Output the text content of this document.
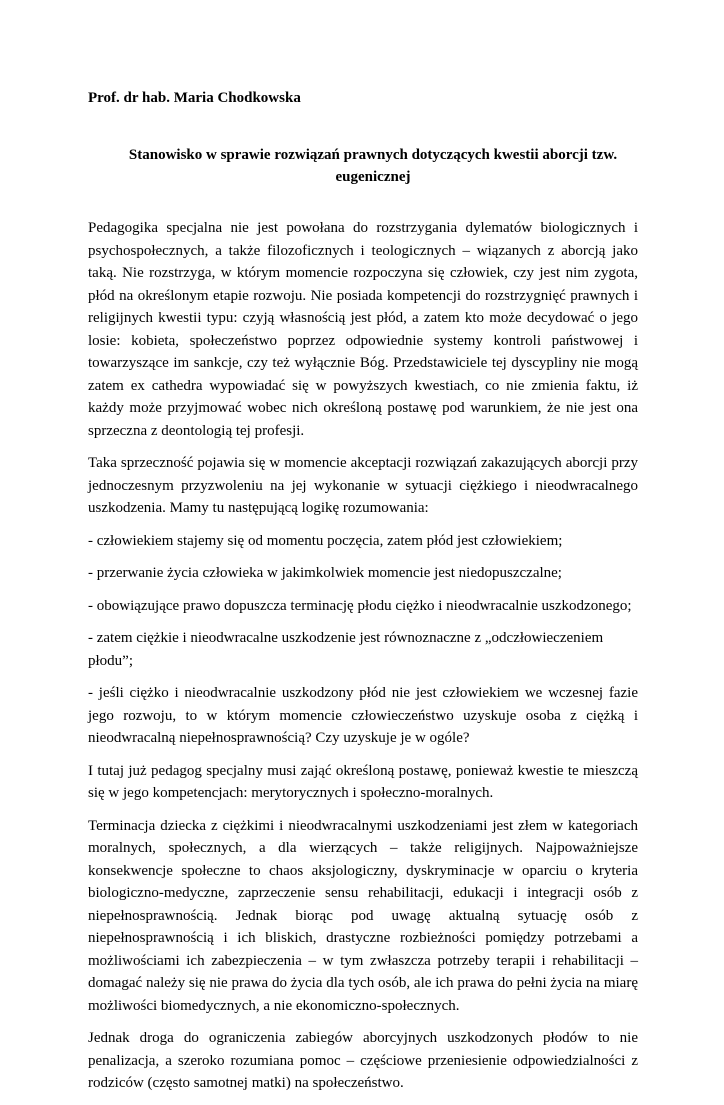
Prof. dr hab. Maria Chodkowska

Stanowisko w sprawie rozwiązań prawnych dotyczących kwestii aborcji tzw. eugenicznej

Pedagogika specjalna nie jest powołana do rozstrzygania dylematów biologicznych i psychospołecznych, a także filozoficznych i teologicznych – wiązanych z aborcją jako taką. Nie rozstrzyga, w którym momencie rozpoczyna się człowiek, czy jest nim zygota, płód na określonym etapie rozwoju. Nie posiada kompetencji do rozstrzygnięć prawnych i religijnych kwestii typu: czyją własnością jest płód, a zatem kto może decydować o jego losie: kobieta, społeczeństwo poprzez odpowiednie systemy kontroli państwowej i towarzyszące im sankcje, czy też wyłącznie Bóg. Przedstawiciele tej dyscypliny nie mogą zatem ex cathedra wypowiadać się w powyższych kwestiach, co nie zmienia faktu, iż każdy może przyjmować wobec nich określoną postawę pod warunkiem, że nie jest ona sprzeczna z deontologią tej profesji.

Taka sprzeczność pojawia się w momencie akceptacji rozwiązań zakazujących aborcji przy jednoczesnym przyzwoleniu na jej wykonanie w sytuacji ciężkiego i nieodwracalnego uszkodzenia. Mamy tu następującą logikę rozumowania:

- człowiekiem stajemy się od momentu poczęcia, zatem płód jest człowiekiem;

- przerwanie życia człowieka w jakimkolwiek momencie jest niedopuszczalne;

- obowiązujące prawo dopuszcza terminację płodu ciężko i nieodwracalnie uszkodzonego;

- zatem ciężkie i nieodwracalne uszkodzenie jest równoznaczne z „odczłowieczeniem płodu”;

- jeśli ciężko i nieodwracalnie uszkodzony płód nie jest człowiekiem we wczesnej fazie jego rozwoju, to w którym momencie człowieczeństwo uzyskuje osoba z ciężką i nieodwracalną niepełnosprawnością? Czy uzyskuje je w ogóle?

I tutaj już pedagog specjalny musi zająć określoną postawę, ponieważ kwestie te mieszczą się w jego kompetencjach: merytorycznych i społeczno-moralnych.

Terminacja dziecka z ciężkimi i nieodwracalnymi uszkodzeniami jest złem w kategoriach moralnych, społecznych, a dla wierzących – także religijnych. Najpoważniejsze konsekwencje społeczne to chaos aksjologiczny, dyskryminacje w oparciu o kryteria biologiczno-medyczne, zaprzeczenie sensu rehabilitacji, edukacji i integracji osób z niepełnosprawnością. Jednak biorąc pod uwagę aktualną sytuację osób z niepełnosprawnością i ich bliskich, drastyczne rozbieżności pomiędzy potrzebami a możliwościami ich zabezpieczenia – w tym zwłaszcza potrzeby terapii i rehabilitacji – domagać należy się nie prawa do życia dla tych osób, ale ich prawa do pełni życia na miarę możliwości biomedycznych, a nie ekonomiczno-społecznych.

Jednak droga do ograniczenia zabiegów aborcyjnych uszkodzonych płodów to nie penalizacja, a szeroko rozumiana pomoc – częściowe przeniesienie odpowiedzialności z rodziców (często samotnej matki) na społeczeństwo.
